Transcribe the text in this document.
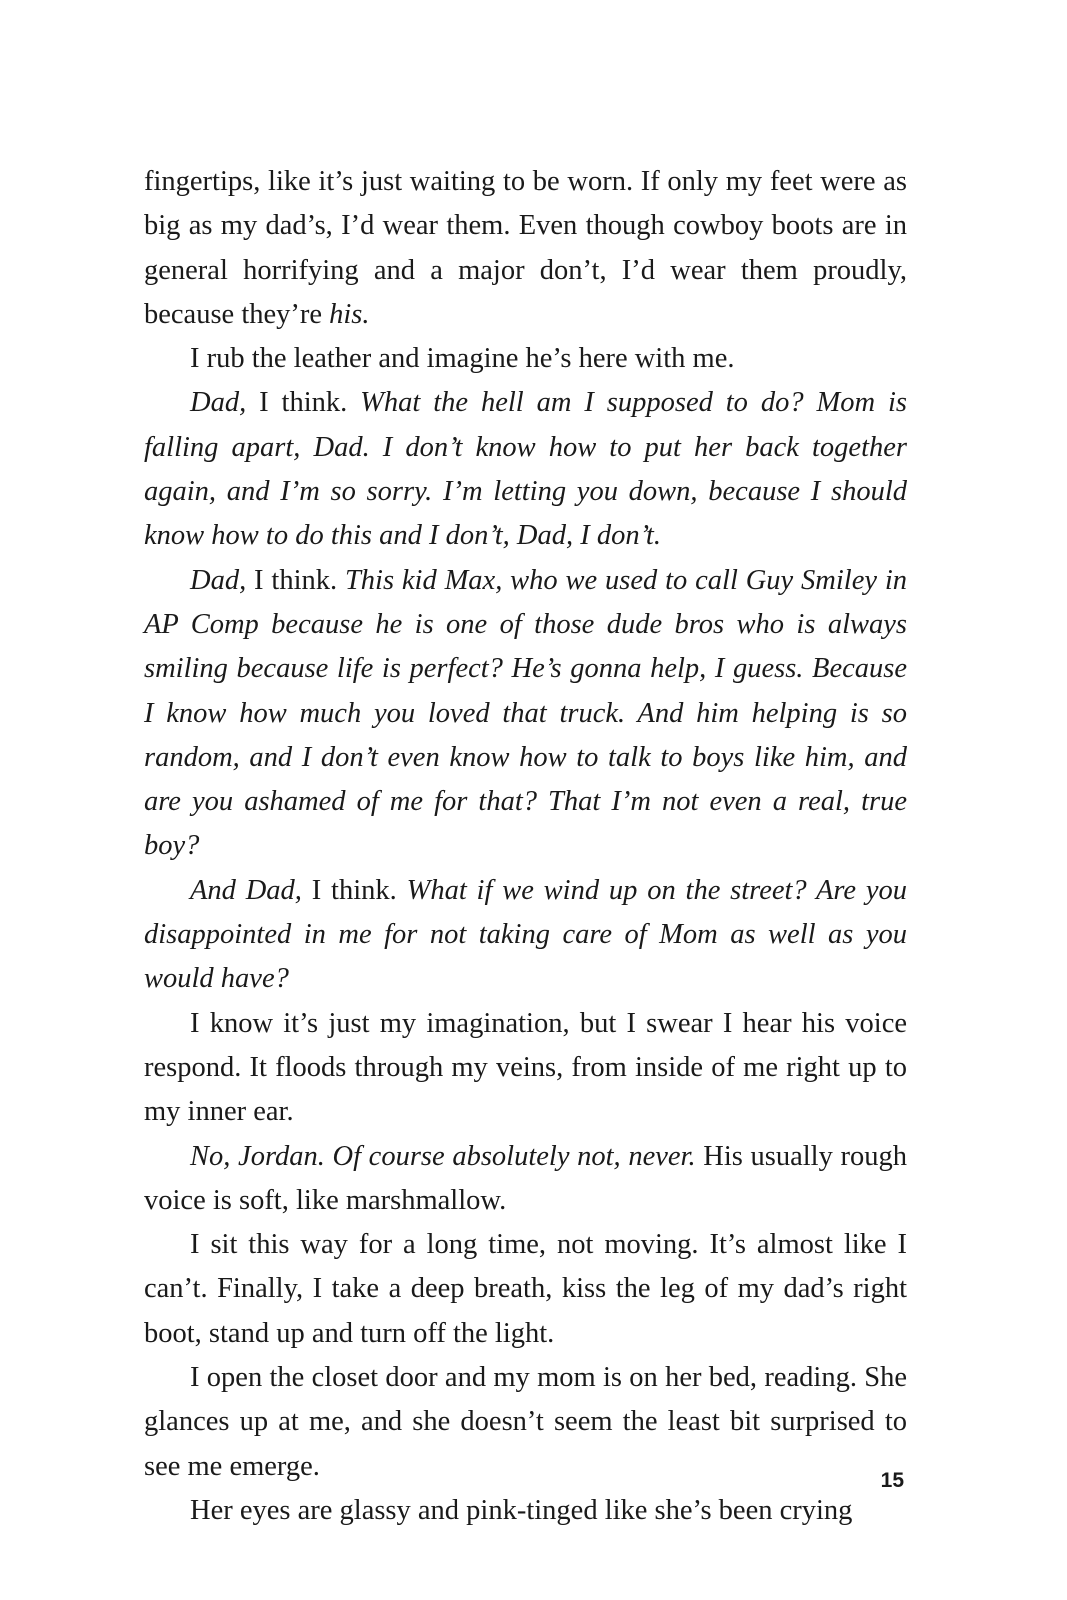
fingertips, like it’s just waiting to be worn. If only my feet were as big as my dad’s, I’d wear them. Even though cowboy boots are in general horrifying and a major don’t, I’d wear them proudly, because they’re his.

I rub the leather and imagine he’s here with me.

Dad, I think. What the hell am I supposed to do? Mom is falling apart, Dad. I don’t know how to put her back together again, and I’m so sorry. I’m letting you down, because I should know how to do this and I don’t, Dad, I don’t.

Dad, I think. This kid Max, who we used to call Guy Smiley in AP Comp because he is one of those dude bros who is always smiling because life is perfect? He’s gonna help, I guess. Because I know how much you loved that truck. And him helping is so random, and I don’t even know how to talk to boys like him, and are you ashamed of me for that? That I’m not even a real, true boy?

And Dad, I think. What if we wind up on the street? Are you disappointed in me for not taking care of Mom as well as you would have?

I know it’s just my imagination, but I swear I hear his voice respond. It floods through my veins, from inside of me right up to my inner ear.

No, Jordan. Of course absolutely not, never. His usually rough voice is soft, like marshmallow.

I sit this way for a long time, not moving. It’s almost like I can’t. Finally, I take a deep breath, kiss the leg of my dad’s right boot, stand up and turn off the light.

I open the closet door and my mom is on her bed, reading. She glances up at me, and she doesn’t seem the least bit surprised to see me emerge.

Her eyes are glassy and pink-tinged like she’s been crying

15
